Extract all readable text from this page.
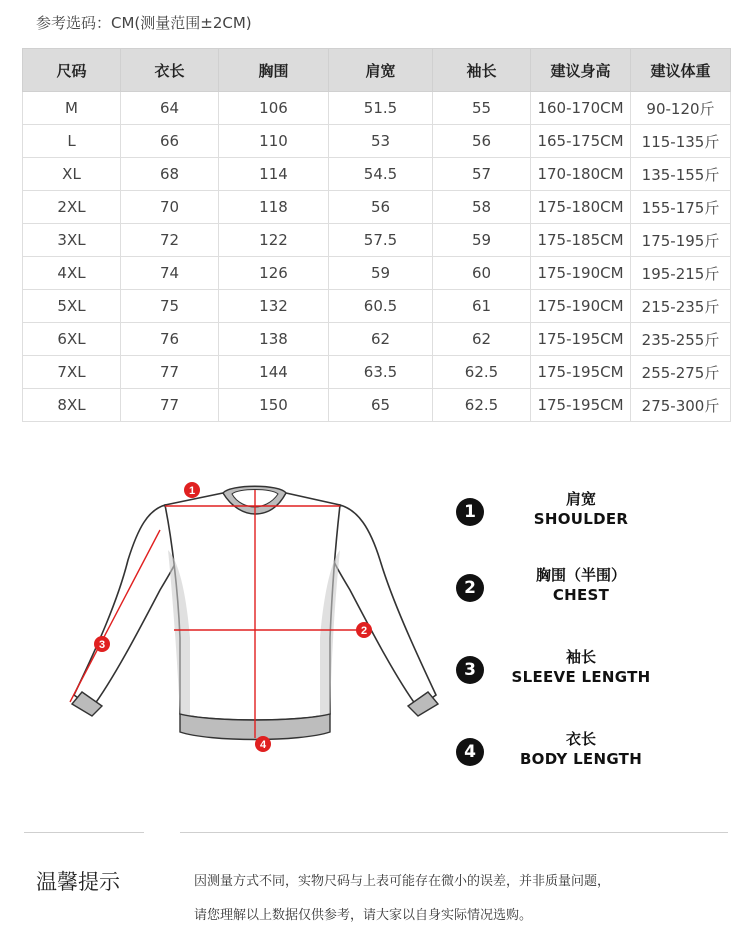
参考选码：CM(测量范围±2CM)
尺码	衣长	胸围	肩宽	袖长	建议身高	建议体重
M	64	106	51.5	55	160-170CM	90-120斤
L	66	110	53	56	165-175CM	115-135斤
XL	68	114	54.5	57	170-180CM	135-155斤
2XL	70	118	56	58	175-180CM	155-175斤
3XL	72	122	57.5	59	175-185CM	175-195斤
4XL	74	126	59	60	175-190CM	195-215斤
5XL	75	132	60.5	61	175-190CM	215-235斤
6XL	76	138	62	62	175-195CM	235-255斤
7XL	77	144	63.5	62.5	175-195CM	255-275斤
8XL	77	150	65	62.5	175-195CM	275-300斤
1
2
3
4
1
肩宽
SHOULDER
2
胸围（半围）
CHEST
3
袖长
SLEEVE LENGTH
4
衣长
BODY LENGTH
温馨提示	因测量方式不同，实物尺码与上表可能存在微小的误差，并非质量问题，
请您理解以上数据仅供参考，请大家以自身实际情况选购。
